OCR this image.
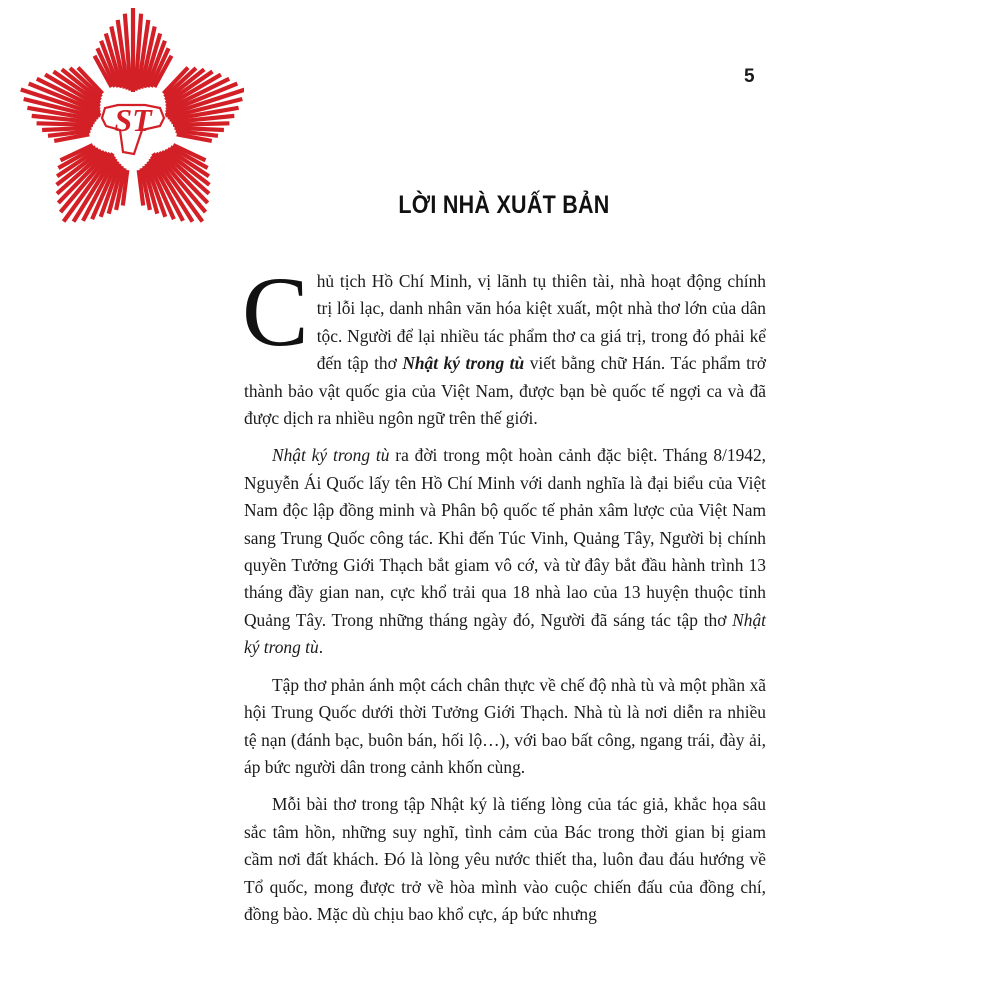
ST
5
LỜI NHÀ XUẤT BẢN

Chủ tịch Hồ Chí Minh, vị lãnh tụ thiên tài, nhà hoạt động chính trị lỗi lạc, danh nhân văn hóa kiệt xuất, một nhà thơ lớn của dân tộc. Người để lại nhiều tác phẩm thơ ca giá trị, trong đó phải kể đến tập thơ Nhật ký trong tù viết bằng chữ Hán. Tác phẩm trở thành bảo vật quốc gia của Việt Nam, được bạn bè quốc tế ngợi ca và đã được dịch ra nhiều ngôn ngữ trên thế giới.

Nhật ký trong tù ra đời trong một hoàn cảnh đặc biệt. Tháng 8/1942, Nguyễn Ái Quốc lấy tên Hồ Chí Minh với danh nghĩa là đại biểu của Việt Nam độc lập đồng minh và Phân bộ quốc tế phản xâm lược của Việt Nam sang Trung Quốc công tác. Khi đến Túc Vinh, Quảng Tây, Người bị chính quyền Tưởng Giới Thạch bắt giam vô cớ, và từ đây bắt đầu hành trình 13 tháng đầy gian nan, cực khổ trải qua 18 nhà lao của 13 huyện thuộc tỉnh Quảng Tây. Trong những tháng ngày đó, Người đã sáng tác tập thơ Nhật ký trong tù.

Tập thơ phản ánh một cách chân thực về chế độ nhà tù và một phần xã hội Trung Quốc dưới thời Tưởng Giới Thạch. Nhà tù là nơi diễn ra nhiều tệ nạn (đánh bạc, buôn bán, hối lộ…), với bao bất công, ngang trái, đày ải, áp bức người dân trong cảnh khốn cùng.

Mỗi bài thơ trong tập Nhật ký là tiếng lòng của tác giả, khắc họa sâu sắc tâm hồn, những suy nghĩ, tình cảm của Bác trong thời gian bị giam cầm nơi đất khách. Đó là lòng yêu nước thiết tha, luôn đau đáu hướng về Tổ quốc, mong được trở về hòa mình vào cuộc chiến đấu của đồng chí, đồng bào. Mặc dù chịu bao khổ cực, áp bức nhưng
